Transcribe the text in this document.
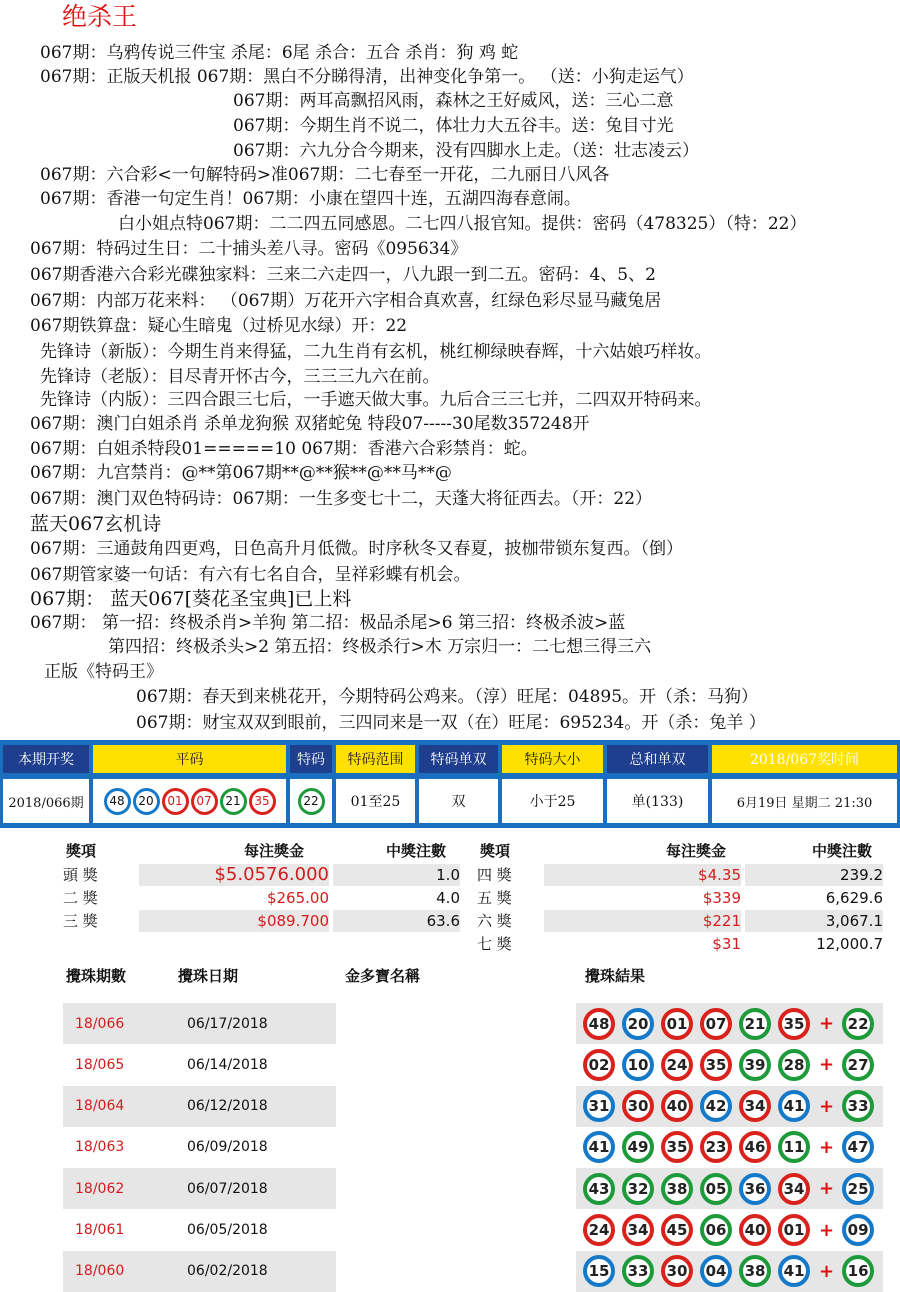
绝杀王
067期：乌鸦传说三件宝 杀尾：6尾 杀合：五合 杀肖：狗 鸡 蛇
067期：正版天机报 067期：黑白不分睇得清，出神变化争第一。 （送：小狗走运气）
067期：两耳高飘招风雨，森林之王好威风，送：三心二意
067期：今期生肖不说二，体壮力大五谷丰。送：兔目寸光
067期：六九分合今期来，没有四脚水上走。（送：壮志凌云）
067期：六合彩<一句解特码>准067期：二七春至一开花，二九丽日八风各
067期：香港一句定生肖！067期：小康在望四十连，五湖四海春意闹。
白小姐点特067期：二二四五同感恩。二七四八报官知。提供：密码（478325）（特：22）
067期：特码过生日：二十捕头差八寻。密码《095634》
067期香港六合彩光碟独家料：三来二六走四一，八九跟一到二五。密码：4、5、2
067期：内部万花来料： （067期）万花开六字相合真欢喜，红绿色彩尽显马藏兔居
067期铁算盘：疑心生暗鬼（过桥见水绿）开：22
先锋诗（新版）：今期生肖来得猛，二九生肖有玄机，桃红柳绿映春辉，十六姑娘巧样妆。
先锋诗（老版）：目尽青开怀古今，三三三九六在前。
先锋诗（内版）：三四合跟三七后，一手遮天做大事。九后合三三七并，二四双开特码来。
067期：澳门白姐杀肖 杀单龙狗猴 双猪蛇兔 特段07-----30尾数357248开
067期：白姐杀特段01=====10 067期：香港六合彩禁肖：蛇。
067期：九宫禁肖：@**第067期**@**猴**@**马**@
067期：澳门双色特码诗：067期：一生多变七十二，天蓬大将征西去。（开：22）
蓝天067玄机诗
067期：三通鼓角四更鸡，日色高升月低微。时序秋冬又春夏，披枷带锁东复西。（倒）
067期管家婆一句话：有六有七名自合，呈祥彩蝶有机会。
067期： 蓝天067[葵花圣宝典]已上料
067期： 第一招：终极杀肖>羊狗 第二招：极品杀尾>6 第三招：终极杀波>蓝
第四招：终极杀头>2 第五招：终极杀行>木 万宗归一：二七想三得三六
正版《特码王》
067期：春天到来桃花开，今期特码公鸡来。（淳）旺尾：04895。开（杀：马狗）
067期：财宝双双到眼前，三四同来是一双（在）旺尾：695234。开（杀：兔羊 ）
本期开奖	平码	特码	特码范围	特码单双	特码大小	总和单双	2018/067奖时间
2018/066期	48	20	01	07	21	35	22	01至25	双	小于25	单(133)	6月19日 星期二 21:30
獎項	每注獎金	中獎注數 獎項	每注獎金	中獎注數
頭 獎	$5.0576.000	1.0
二 獎	$265.00	4.0
三 獎	$089.700	63.6
四 獎	$4.35	239.2
五 獎	$339	6,629.6
六 獎	$221	3,067.1
七 獎	$31	12,000.7
攪珠期數	攪珠日期	金多寶名稱	攪珠結果
18/066	06/17/2018	48	20	01	07	21	35 + 22
18/065	06/14/2018	02	10	24	35	39	28 + 27
18/064	06/12/2018	31	30	40	42	34	41 + 33
18/063	06/09/2018	41	49	35	23	46	11 + 47
18/062	06/07/2018	43	32	38	05	36	34 + 25
18/061	06/05/2018	24	34	45	06	40	01 + 09
18/060	06/02/2018	15	33	30	04	38	41 + 16
